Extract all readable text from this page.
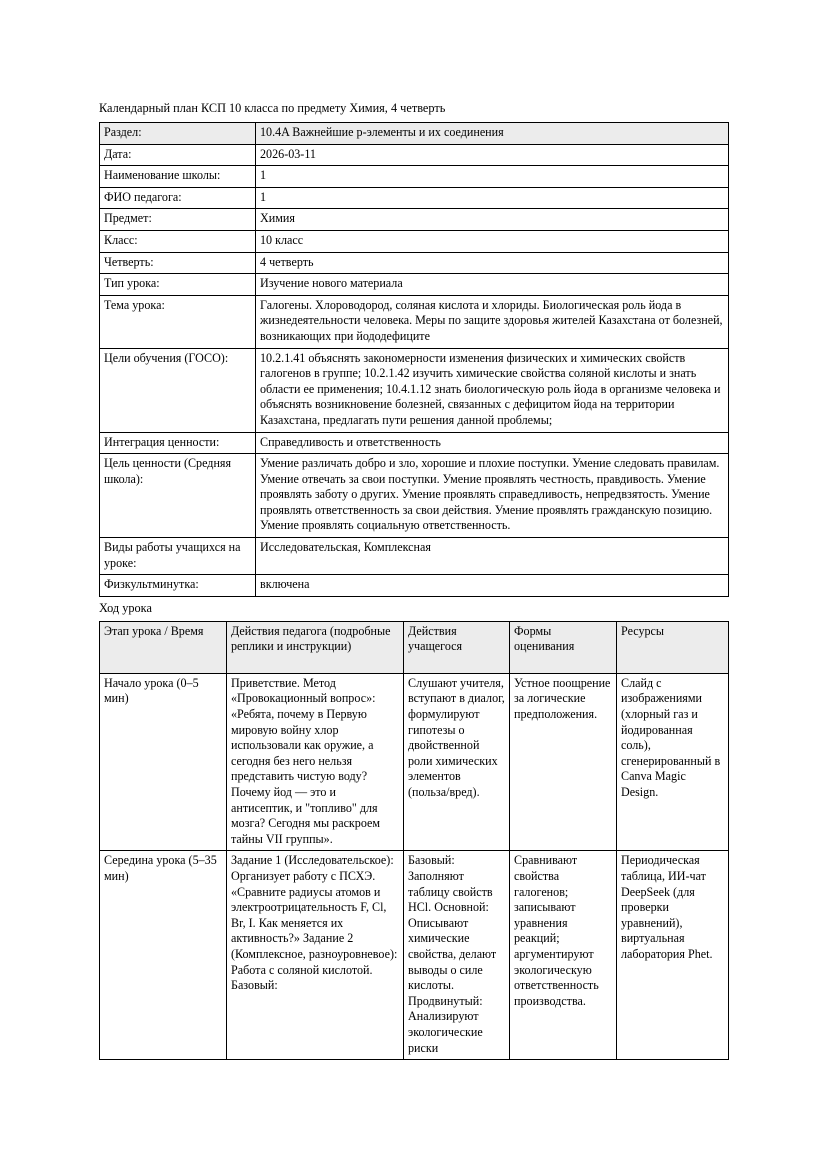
Календарный план КСП 10 класса по предмету Химия, 4 четверть

Раздел:	10.4A Важнейшие p-элементы и их соединения
Дата:	2026-03-11
Наименование школы:	1
ФИО педагога:	1
Предмет:	Химия
Класс:	10 класс
Четверть:	4 четверть
Тип урока:	Изучение нового материала
Тема урока:	Галогены. Хлороводород, соляная кислота и хлориды. Биологическая роль йода в жизнедеятельности человека. Меры по защите здоровья жителей Казахстана от болезней, возникающих при йододефиците
Цели обучения (ГОСО):	10.2.1.41 объяснять закономерности изменения физических и химических свойств галогенов в группе; 10.2.1.42 изучить химические свойства соляной кислоты и знать области ее применения; 10.4.1.12 знать биологическую роль йода в организме человека и объяснять возникновение болезней, связанных с дефицитом йода на территории Казахстана, предлагать пути решения данной проблемы;
Интеграция ценности:	Справедливость и ответственность
Цель ценности (Средняя школа):	Умение различать добро и зло, хорошие и плохие поступки. Умение следовать правилам. Умение отвечать за свои поступки. Умение проявлять честность, правдивость. Умение проявлять заботу о других. Умение проявлять справедливость, непредвзятость. Умение проявлять ответственность за свои действия. Умение проявлять гражданскую позицию. Умение проявлять социальную ответственность.
Виды работы учащихся на уроке:	Исследовательская, Комплексная
Физкультминутка:	включена

Ход урока

Этап урока / Время	Действия педагога (подробные реплики и инструкции)	Действия учащегося	Формы оценивания	Ресурсы
Начало урока (0–5 мин)	Приветствие. Метод «Провокационный вопрос»: «Ребята, почему в Первую мировую войну хлор использовали как оружие, а сегодня без него нельзя представить чистую воду? Почему йод — это и антисептик, и "топливо" для мозга? Сегодня мы раскроем тайны VII группы».	Слушают учителя, вступают в диалог, формулируют гипотезы о двойственной роли химических элементов (польза/вред).	Устное поощрение за логические предположения.	Слайд с изображениями (хлорный газ и йодированная соль), сгенерированный в Canva Magic Design.
Середина урока (5–35 мин)	Задание 1 (Исследовательское): Организует работу с ПСХЭ. «Сравните радиусы атомов и электроотрицательность F, Cl, Br, I. Как меняется их активность?» Задание 2 (Комплексное, разноуровневое): Работа с соляной кислотой. Базовый:	Базовый: Заполняют таблицу свойств HCl. Основной: Описывают химические свойства, делают выводы о силе кислоты. Продвинутый: Анализируют экологические риски	Сравнивают свойства галогенов; записывают уравнения реакций; аргументируют экологическую ответственность производства.	Периодическая таблица, ИИ-чат DeepSeek (для проверки уравнений), виртуальная лаборатория Phet.
